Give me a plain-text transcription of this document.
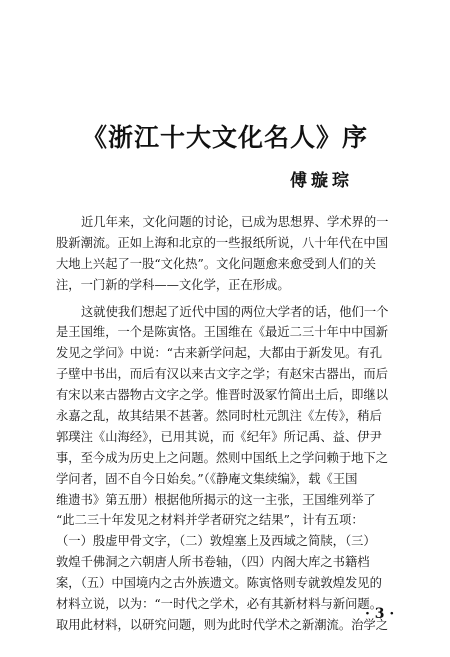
《浙江十大文化名人》序
傅璇琮
近几年来，文化问题的讨论，已成为思想界、学术界的一
股新潮流。正如上海和北京的一些报纸所说，八十年代在中国
大地上兴起了一股“文化热”。文化问题愈来愈受到人们的关
注，一门新的学科——文化学，正在形成。
这就使我们想起了近代中国的两位大学者的话，他们一个
是王国维，一个是陈寅恪。王国维在《最近二三十年中中国新
发见之学问》中说：“古来新学问起，大都由于新发见。有孔
子壁中书出，而后有汉以来古文字之学；有赵宋古器出，而后
有宋以来古器物古文字之学。惟晋时汲冢竹简出土后，即继以
永嘉之乱，故其结果不甚著。然同时杜元凯注《左传》，稍后
郭璞注《山海经》，已用其说，而《纪年》所记禹、益、伊尹
事，至今成为历史上之问题。然则中国纸上之学问赖于地下之
学问者，固不自今日始矣。”（《静庵文集续编》，载《王国
维遗书》第五册）根据他所揭示的这一主张，王国维列举了
“此二三十年发见之材料并学者研究之结果”，计有五项：
（一）殷虚甲骨文字，（二）敦煌塞上及西域之简牍，（三）
敦煌千佛洞之六朝唐人所书卷轴，（四）内阁大库之书籍档
案，（五）中国境内之古外族遗文。陈寅恪则专就敦煌发见的
材料立说，以为：“一时代之学术，必有其新材料与新问题。
取用此材料，以研究问题，则为此时代学术之新潮流。治学之
· 3 ·
